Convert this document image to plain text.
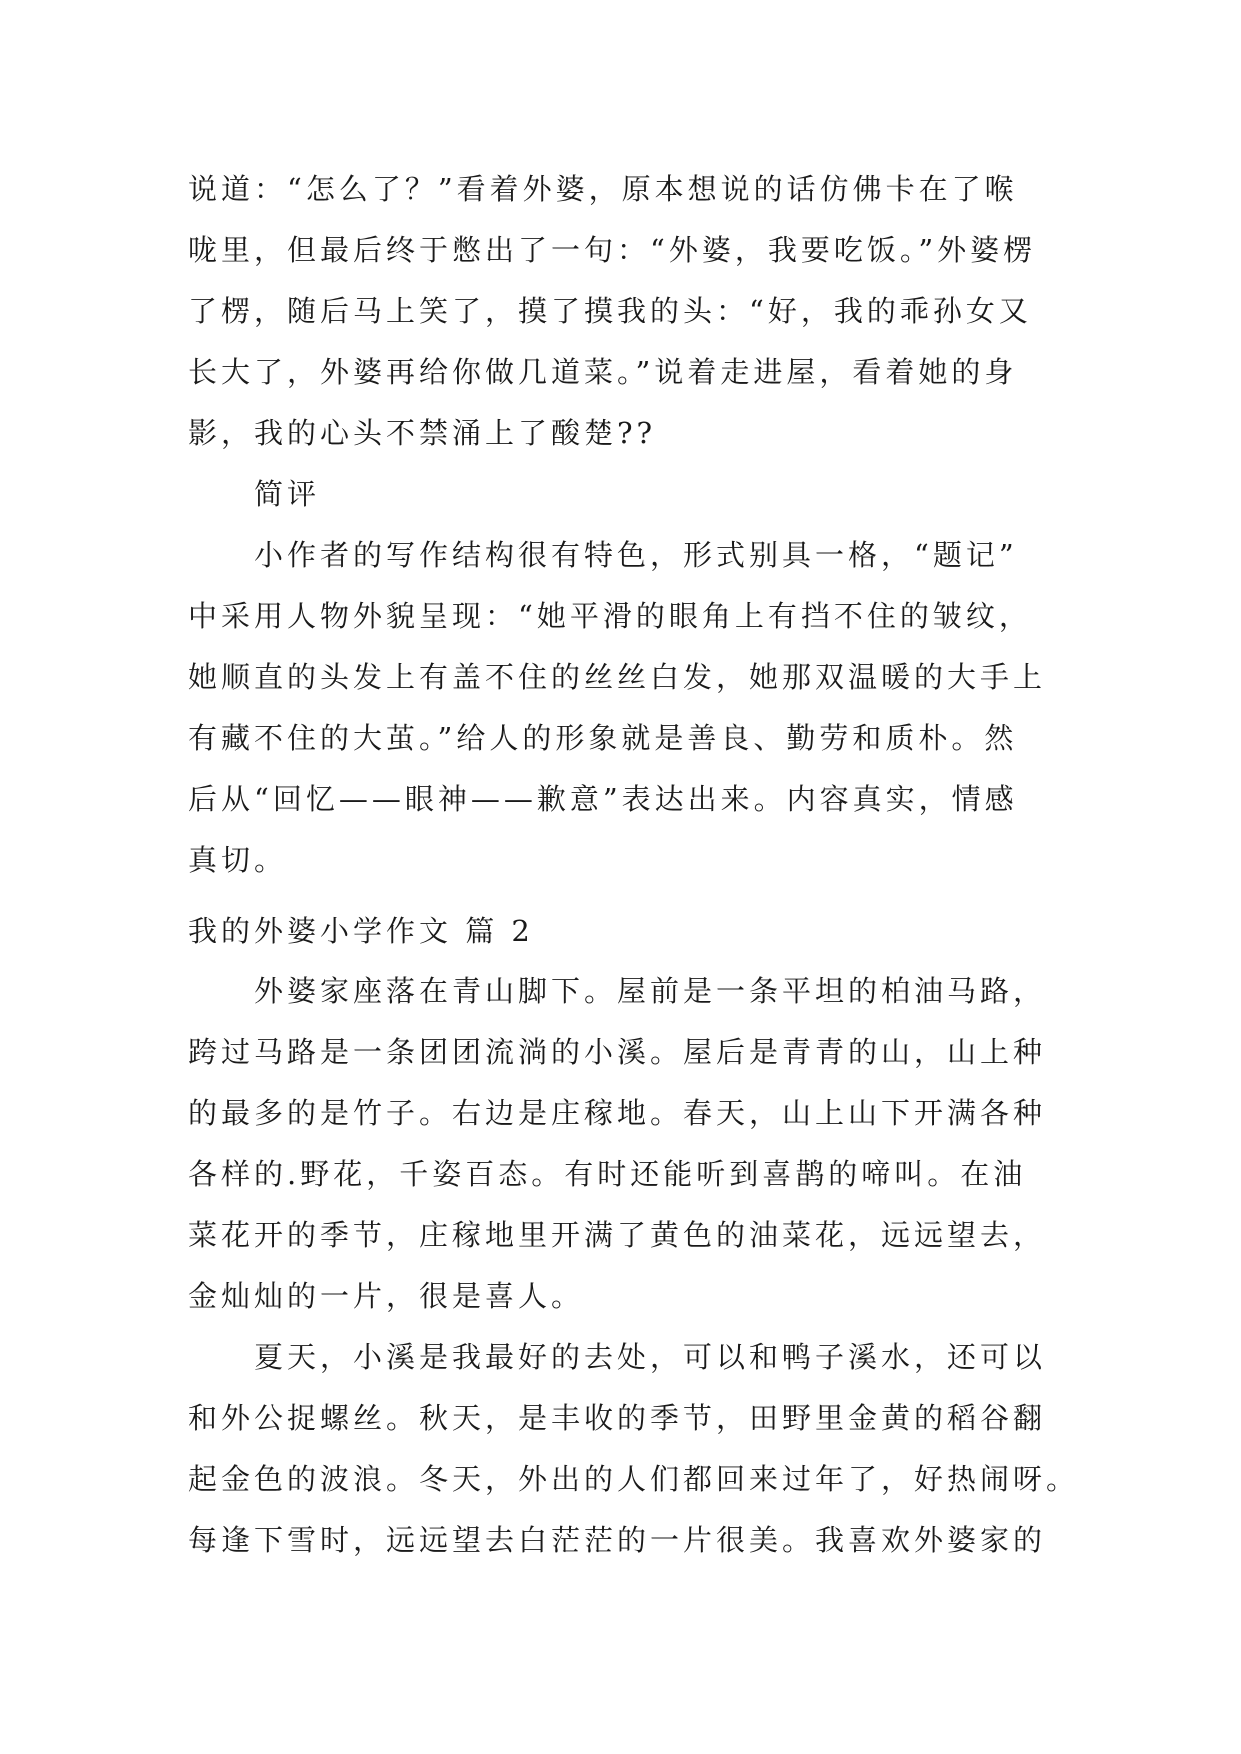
说道：“怎么了？”看着外婆，原本想说的话仿佛卡在了喉
咙里，但最后终于憋出了一句：“外婆，我要吃饭。”外婆楞
了楞，随后马上笑了，摸了摸我的头：“好，我的乖孙女又
长大了，外婆再给你做几道菜。”说着走进屋，看着她的身
影，我的心头不禁涌上了酸楚??
简评
小作者的写作结构很有特色，形式别具一格，“题记”
中采用人物外貌呈现：“她平滑的眼角上有挡不住的皱纹，
她顺直的头发上有盖不住的丝丝白发，她那双温暖的大手上
有藏不住的大茧。”给人的形象就是善良、勤劳和质朴。然
后从“回忆——眼神——歉意”表达出来。内容真实，情感
真切。
我的外婆小学作文 篇 2
外婆家座落在青山脚下。屋前是一条平坦的柏油马路，
跨过马路是一条团团流淌的小溪。屋后是青青的山，山上种
的最多的是竹子。右边是庄稼地。春天，山上山下开满各种
各样的.野花，千姿百态。有时还能听到喜鹊的啼叫。在油
菜花开的季节，庄稼地里开满了黄色的油菜花，远远望去，
金灿灿的一片，很是喜人。
夏天，小溪是我最好的去处，可以和鸭子溪水，还可以
和外公捉螺丝。秋天，是丰收的季节，田野里金黄的稻谷翻
起金色的波浪。冬天，外出的人们都回来过年了，好热闹呀。
每逢下雪时，远远望去白茫茫的一片很美。我喜欢外婆家的
